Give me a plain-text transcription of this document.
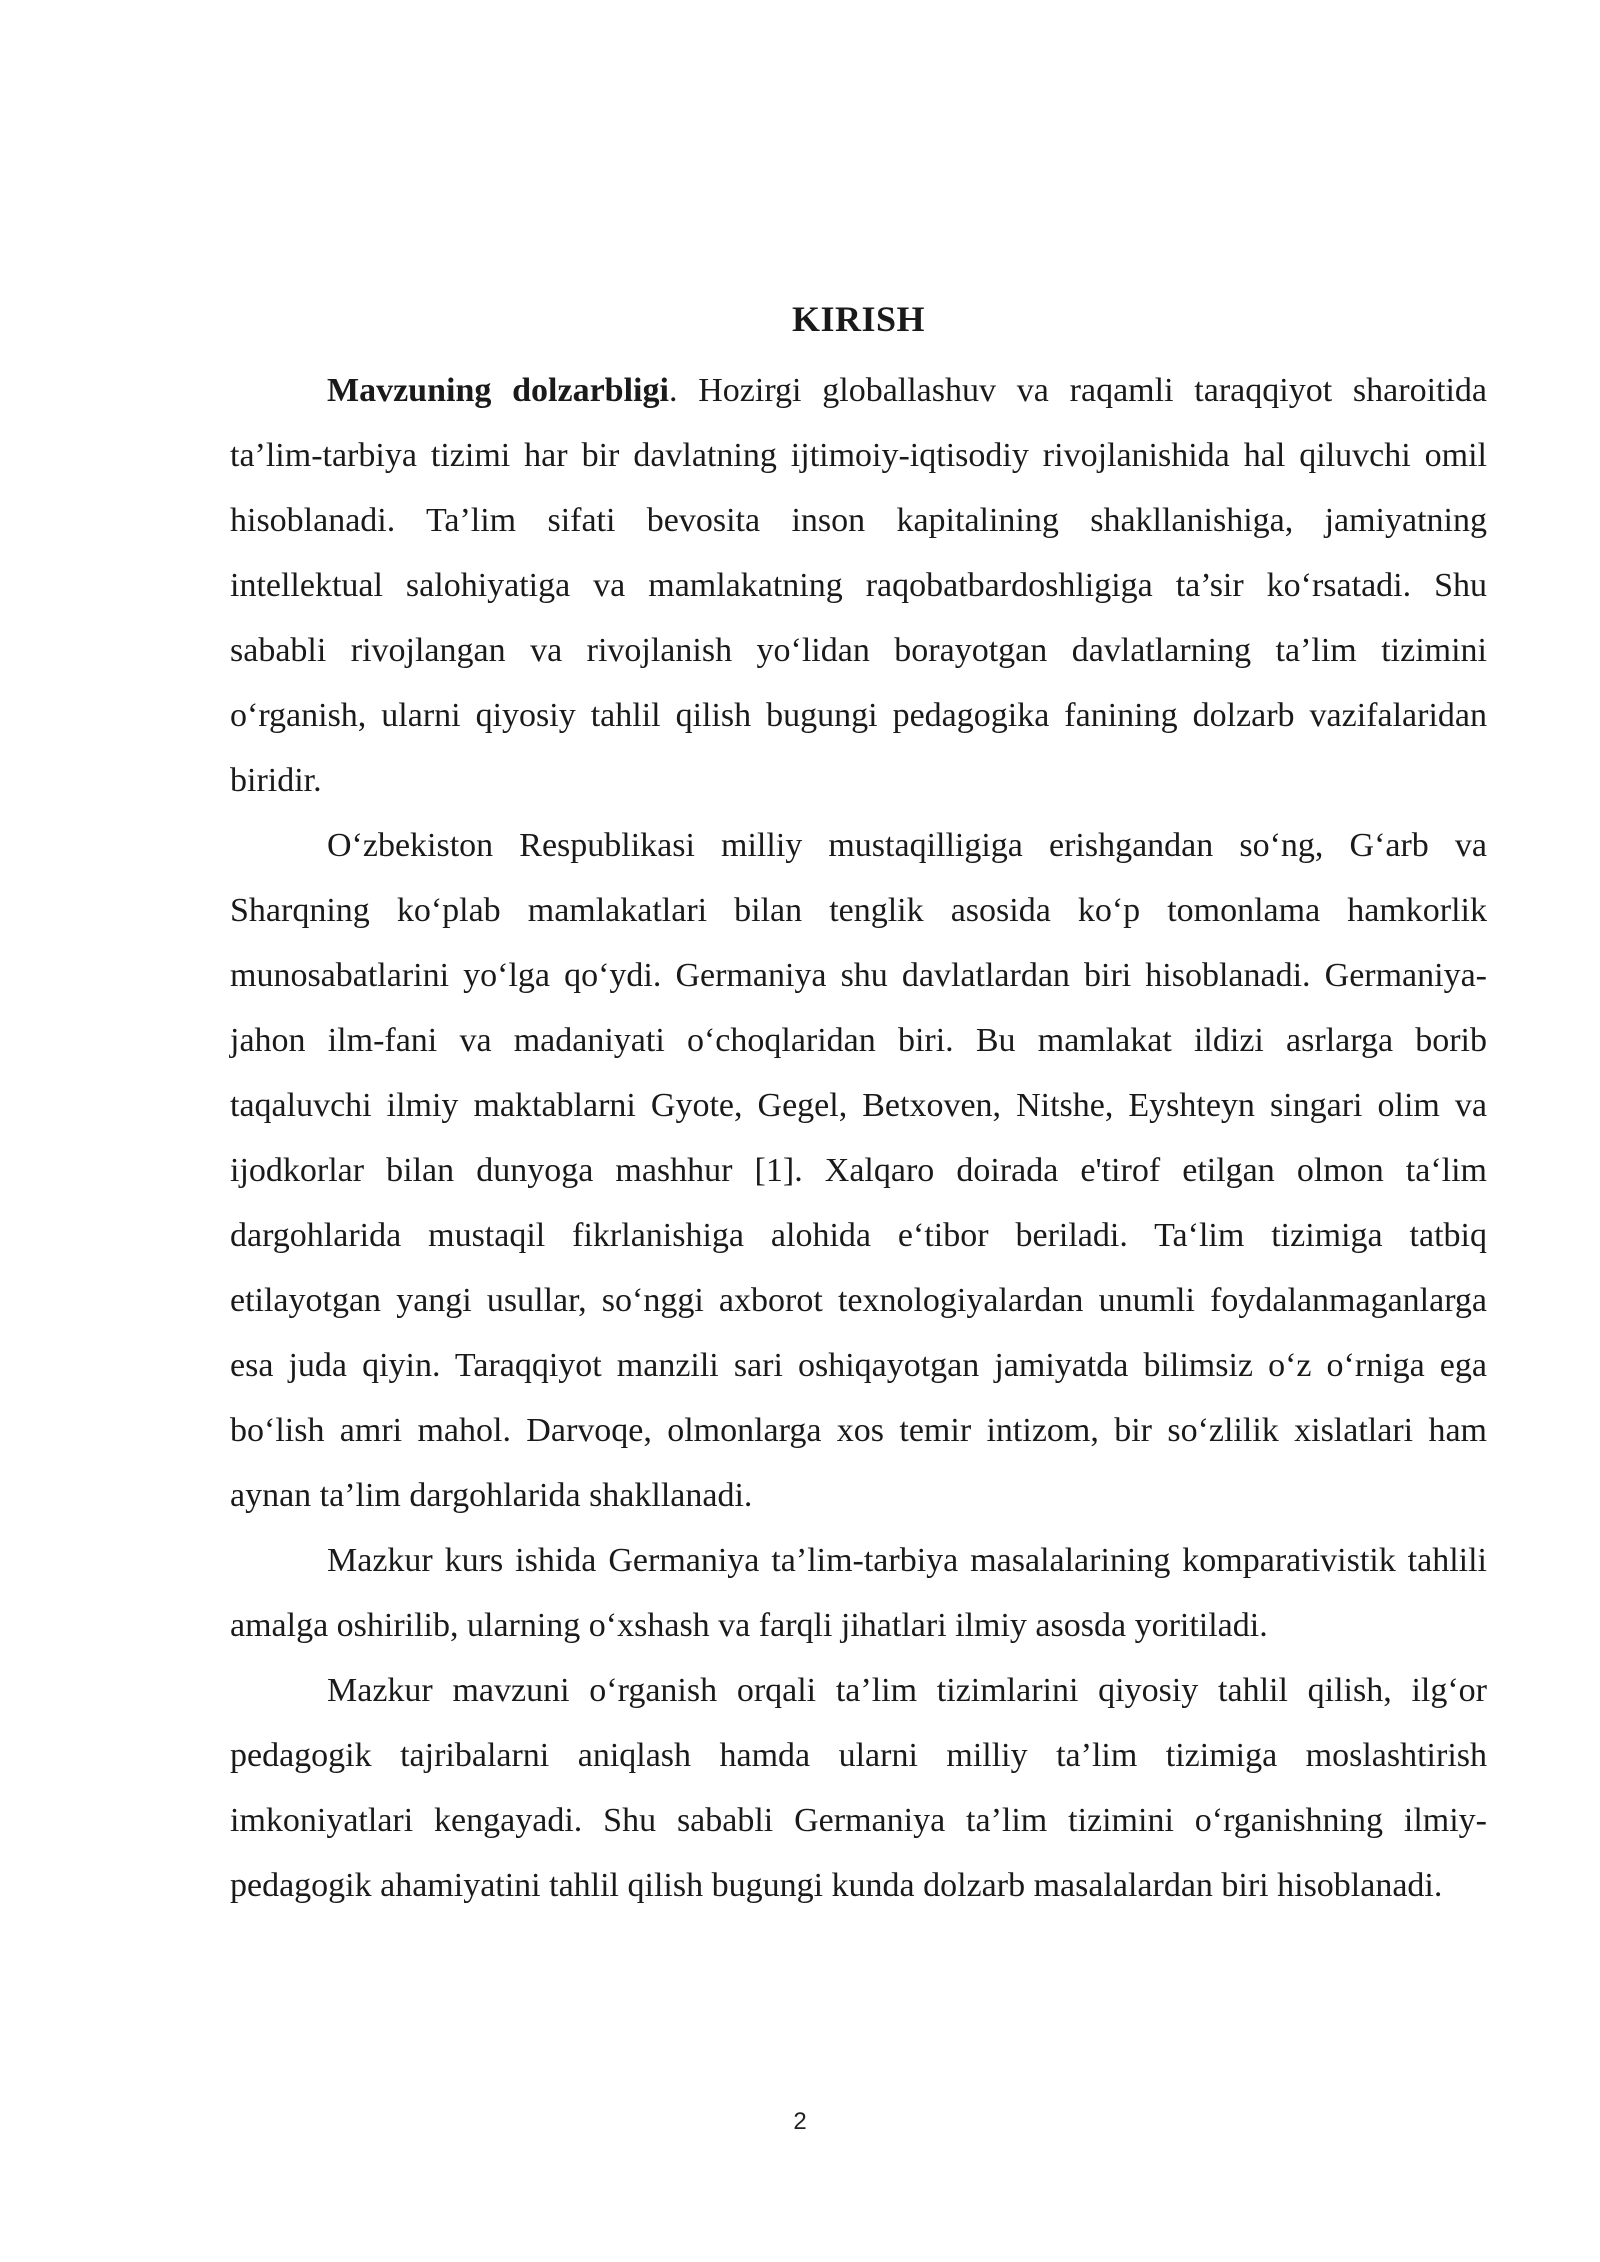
KIRISH

Mavzuning dolzarbligi. Hozirgi globallashuv va raqamli taraqqiyot sharoitida ta’lim-tarbiya tizimi har bir davlatning ijtimoiy-iqtisodiy rivojlanishida hal qiluvchi omil hisoblanadi. Ta’lim sifati bevosita inson kapitalining shakllanishiga, jamiyatning intellektual salohiyatiga va mamlakatning raqobatbardoshligiga ta’sir ko‘rsatadi. Shu sababli rivojlangan va rivojlanish yo‘lidan borayotgan davlatlarning ta’lim tizimini o‘rganish, ularni qiyosiy tahlil qilish bugungi pedagogika fanining dolzarb vazifalaridan biridir.

O‘zbekiston Respublikasi milliy mustaqilligiga erishgandan so‘ng, G‘arb va Sharqning ko‘plab mamlakatlari bilan tenglik asosida ko‘p tomonlama hamkorlik munosabatlarini yo‘lga qo‘ydi. Germaniya shu davlatlardan biri hisoblanadi. Germaniya-jahon ilm-fani va madaniyati o‘choqlaridan biri. Bu mamlakat ildizi asrlarga borib taqaluvchi ilmiy maktablarni Gyote, Gegel, Betxoven, Nitshe, Eyshteyn singari olim va ijodkorlar bilan dunyoga mashhur [1]. Xalqaro doirada e'tirof etilgan olmon ta‘lim dargohlarida mustaqil fikrlanishiga alohida e‘tibor beriladi. Ta‘lim tizimiga tatbiq etilayotgan yangi usullar, so‘nggi axborot texnologiyalardan unumli foydalanmaganlarga esa juda qiyin. Taraqqiyot manzili sari oshiqayotgan jamiyatda bilimsiz o‘z o‘rniga ega bo‘lish amri mahol. Darvoqe, olmonlarga xos temir intizom, bir so‘zlilik xislatlari ham aynan ta’lim dargohlarida shakllanadi.

Mazkur kurs ishida Germaniya ta’lim-tarbiya masalalarining komparativistik tahlili amalga oshirilib, ularning o‘xshash va farqli jihatlari ilmiy asosda yoritiladi.

Mazkur mavzuni o‘rganish orqali ta’lim tizimlarini qiyosiy tahlil qilish, ilg‘or pedagogik tajribalarni aniqlash hamda ularni milliy ta’lim tizimiga moslashtirish imkoniyatlari kengayadi. Shu sababli Germaniya ta’lim tizimini o‘rganishning ilmiy-pedagogik ahamiyatini tahlil qilish bugungi kunda dolzarb masalalardan biri hisoblanadi.

2
